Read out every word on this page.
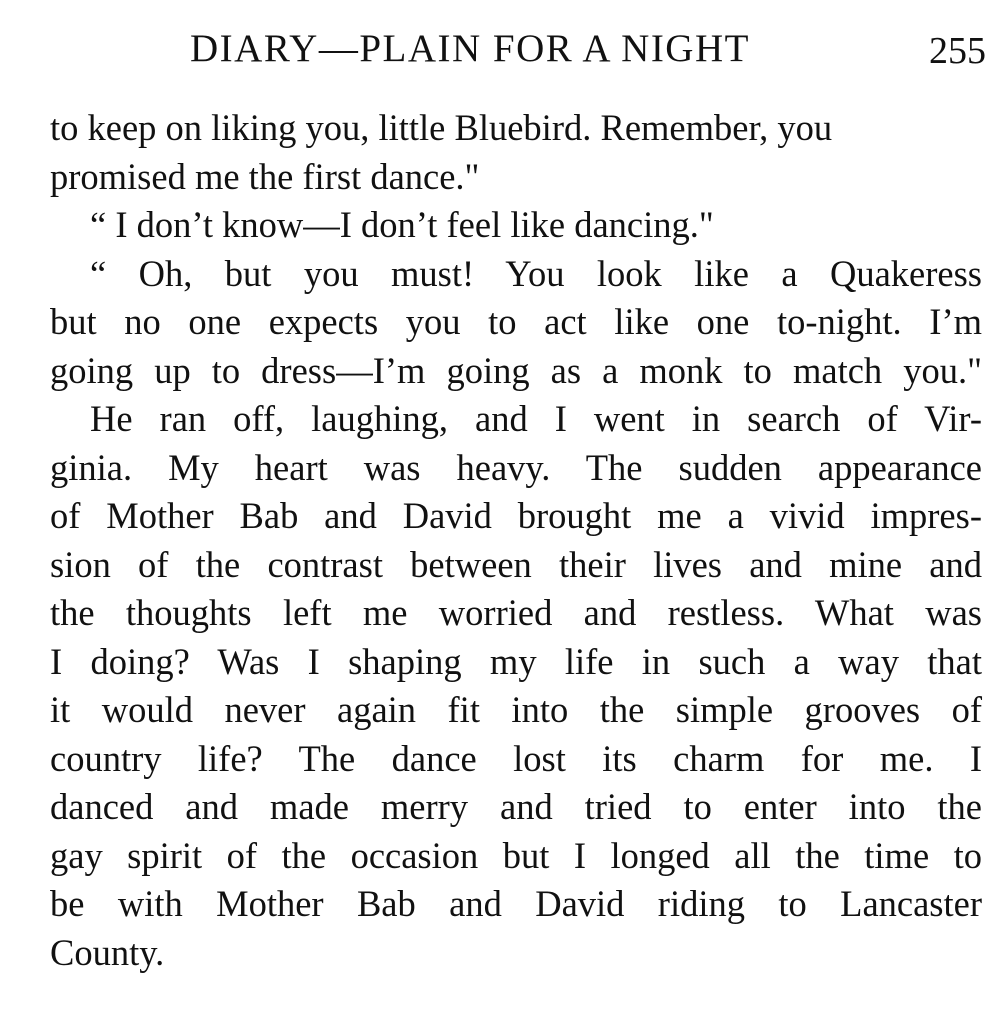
DIARY—PLAIN FOR A NIGHT	255
to keep on liking you, little Bluebird. Remember, you
promised me the first dance."
“ I don’t know—I don’t feel like dancing."
“ Oh, but you must! You look like a Quakeress
but no one expects you to act like one to-night. I’m
going up to dress—I’m going as a monk to match you."
He ran off, laughing, and I went in search of Vir-
ginia. My heart was heavy. The sudden appearance
of Mother Bab and David brought me a vivid impres-
sion of the contrast between their lives and mine and
the thoughts left me worried and restless. What was
I doing? Was I shaping my life in such a way that
it would never again fit into the simple grooves of
country life? The dance lost its charm for me. I
danced and made merry and tried to enter into the
gay spirit of the occasion but I longed all the time to
be with Mother Bab and David riding to Lancaster
County.
